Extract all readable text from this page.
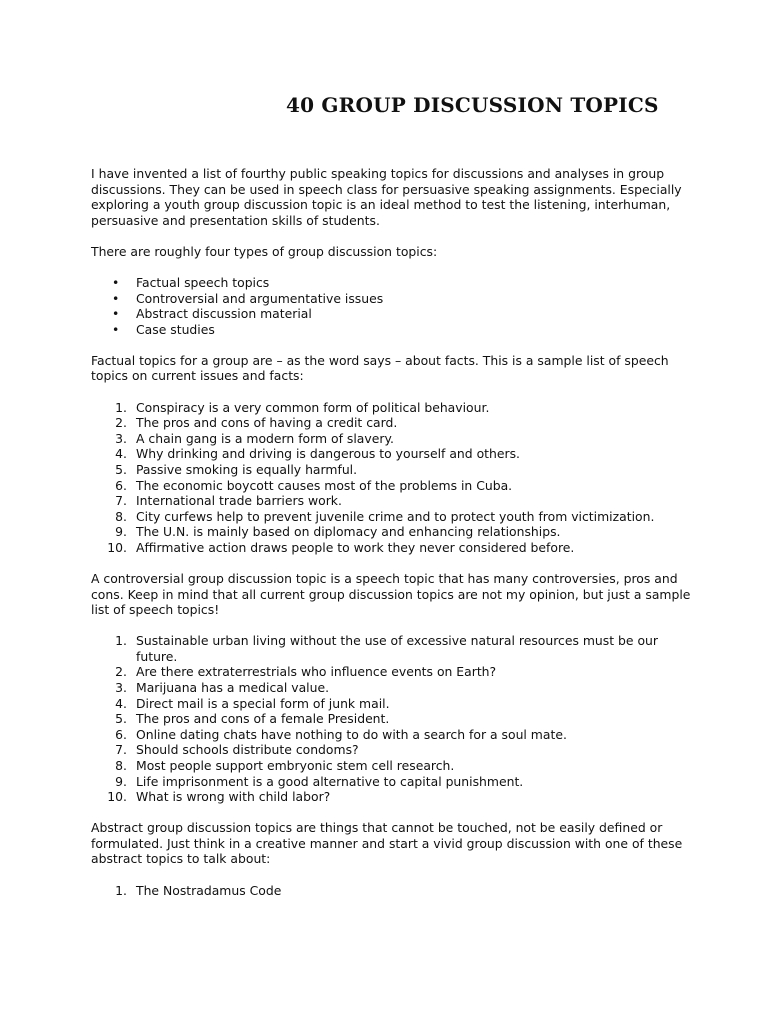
40 GROUP DISCUSSION TOPICS

I have invented a list of fourthy public speaking topics for discussions and analyses in group discussions. They can be used in speech class for persuasive speaking assignments. Especially exploring a youth group discussion topic is an ideal method to test the listening, interhuman, persuasive and presentation skills of students.

There are roughly four types of group discussion topics:

• Factual speech topics
• Controversial and argumentative issues
• Abstract discussion material
• Case studies

Factual topics for a group are – as the word says – about facts. This is a sample list of speech topics on current issues and facts:

1. Conspiracy is a very common form of political behaviour.
2. The pros and cons of having a credit card.
3. A chain gang is a modern form of slavery.
4. Why drinking and driving is dangerous to yourself and others.
5. Passive smoking is equally harmful.
6. The economic boycott causes most of the problems in Cuba.
7. International trade barriers work.
8. City curfews help to prevent juvenile crime and to protect youth from victimization.
9. The U.N. is mainly based on diplomacy and enhancing relationships.
10. Affirmative action draws people to work they never considered before.

A controversial group discussion topic is a speech topic that has many controversies, pros and cons. Keep in mind that all current group discussion topics are not my opinion, but just a sample list of speech topics!

1. Sustainable urban living without the use of excessive natural resources must be our future.
2. Are there extraterrestrials who influence events on Earth?
3. Marijuana has a medical value.
4. Direct mail is a special form of junk mail.
5. The pros and cons of a female President.
6. Online dating chats have nothing to do with a search for a soul mate.
7. Should schools distribute condoms?
8. Most people support embryonic stem cell research.
9. Life imprisonment is a good alternative to capital punishment.
10. What is wrong with child labor?

Abstract group discussion topics are things that cannot be touched, not be easily defined or formulated. Just think in a creative manner and start a vivid group discussion with one of these abstract topics to talk about:

1. The Nostradamus Code
